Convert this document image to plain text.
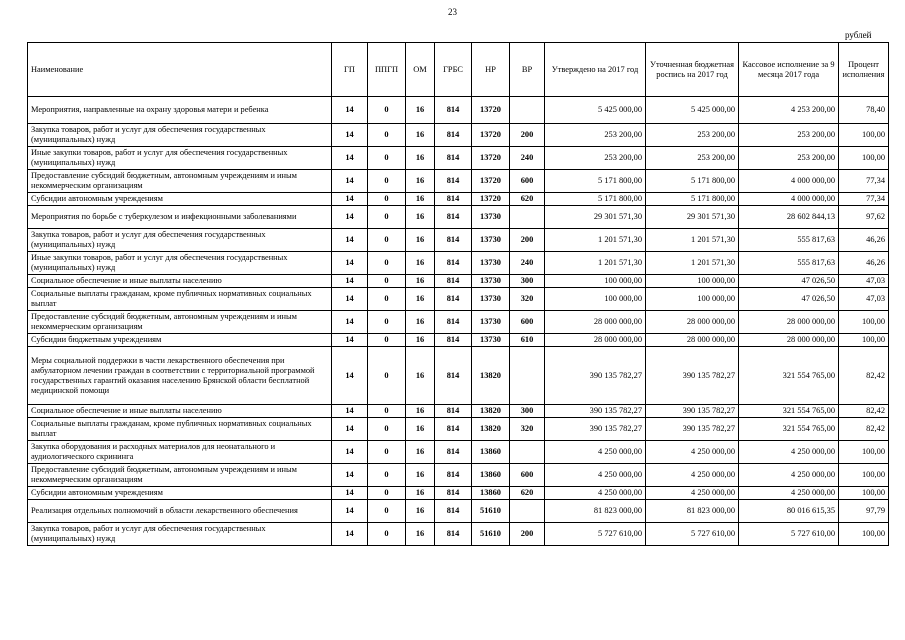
23
рублей
Наименование	ГП	ППГП	ОМ	ГРБС	НР	ВР	Утверждено на 2017 год	Уточненная бюджетная роспись на 2017 год	Кассовое исполнение за 9 месяца 2017 года	Процент исполнения
Мероприятия, направленные на охрану здоровья матери и ребенка	14	0	16	814	13720		5 425 000,00	5 425 000,00	4 253 200,00	78,40
Закупка товаров, работ и услуг для обеспечения государственных (муниципальных) нужд	14	0	16	814	13720	200	253 200,00	253 200,00	253 200,00	100,00
Иные закупки товаров, работ и услуг для обеспечения государственных (муниципальных) нужд	14	0	16	814	13720	240	253 200,00	253 200,00	253 200,00	100,00
Предоставление субсидий бюджетным, автономным учреждениям и иным некоммерческим организациям	14	0	16	814	13720	600	5 171 800,00	5 171 800,00	4 000 000,00	77,34
Субсидии автономным учреждениям	14	0	16	814	13720	620	5 171 800,00	5 171 800,00	4 000 000,00	77,34
Мероприятия по борьбе с туберкулезом и инфекционными заболеваниями	14	0	16	814	13730		29 301 571,30	29 301 571,30	28 602 844,13	97,62
Закупка товаров, работ и услуг для обеспечения государственных (муниципальных) нужд	14	0	16	814	13730	200	1 201 571,30	1 201 571,30	555 817,63	46,26
Иные закупки товаров, работ и услуг для обеспечения государственных (муниципальных) нужд	14	0	16	814	13730	240	1 201 571,30	1 201 571,30	555 817,63	46,26
Социальное обеспечение и иные выплаты населению	14	0	16	814	13730	300	100 000,00	100 000,00	47 026,50	47,03
Социальные выплаты гражданам, кроме публичных нормативных социальных выплат	14	0	16	814	13730	320	100 000,00	100 000,00	47 026,50	47,03
Предоставление субсидий бюджетным, автономным учреждениям и иным некоммерческим организациям	14	0	16	814	13730	600	28 000 000,00	28 000 000,00	28 000 000,00	100,00
Субсидии бюджетным учреждениям	14	0	16	814	13730	610	28 000 000,00	28 000 000,00	28 000 000,00	100,00
Меры социальной поддержки в части лекарственного обеспечения при амбулаторном лечении граждан в соответствии с территориальной программой государственных гарантий оказания населению Брянской области бесплатной медицинской помощи	14	0	16	814	13820		390 135 782,27	390 135 782,27	321 554 765,00	82,42
Социальное обеспечение и иные выплаты населению	14	0	16	814	13820	300	390 135 782,27	390 135 782,27	321 554 765,00	82,42
Социальные выплаты гражданам, кроме публичных нормативных социальных выплат	14	0	16	814	13820	320	390 135 782,27	390 135 782,27	321 554 765,00	82,42
Закупка оборудования и расходных материалов для неонатального и аудиологического скрининга	14	0	16	814	13860		4 250 000,00	4 250 000,00	4 250 000,00	100,00
Предоставление субсидий бюджетным, автономным учреждениям и иным некоммерческим организациям	14	0	16	814	13860	600	4 250 000,00	4 250 000,00	4 250 000,00	100,00
Субсидии автономным учреждениям	14	0	16	814	13860	620	4 250 000,00	4 250 000,00	4 250 000,00	100,00
Реализация отдельных полномочий в области лекарственного обеспечения	14	0	16	814	51610		81 823 000,00	81 823 000,00	80 016 615,35	97,79
Закупка товаров, работ и услуг для обеспечения государственных (муниципальных) нужд	14	0	16	814	51610	200	5 727 610,00	5 727 610,00	5 727 610,00	100,00
